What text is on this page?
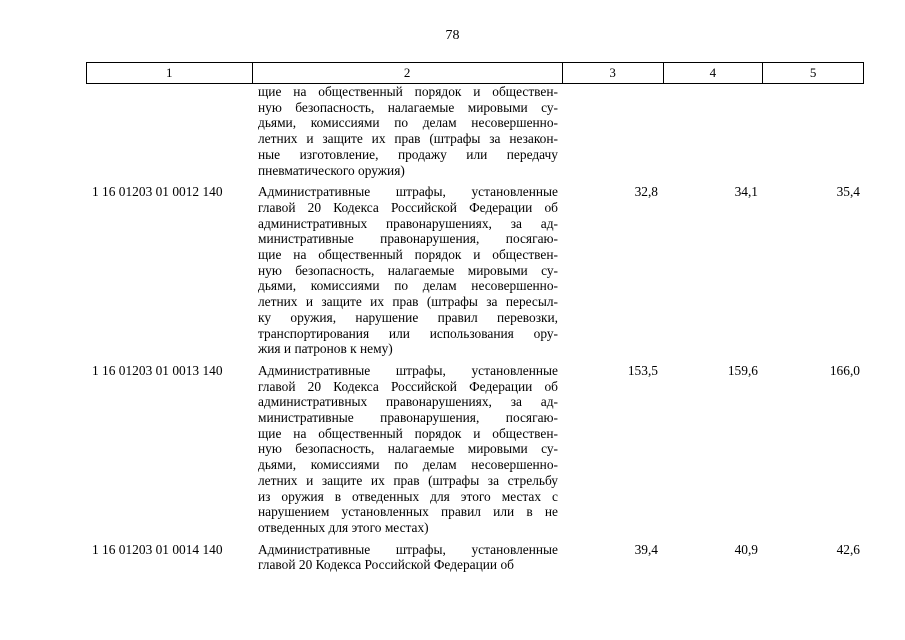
78
1	2	3	4	5
щие на общественный порядок и обществен-
ную безопасность, налагаемые мировыми су-
дьями, комиссиями по делам несовершенно-
летних и защите их прав (штрафы за незакон-
ные изготовление, продажу или передачу
пневматического оружия)
1 16 01203 01 0012 140	Административные штрафы, установленные
главой 20 Кодекса Российской Федерации об
административных правонарушениях, за ад-
министративные правонарушения, посягаю-
щие на общественный порядок и обществен-
ную безопасность, налагаемые мировыми су-
дьями, комиссиями по делам несовершенно-
летних и защите их прав (штрафы за пересыл-
ку оружия, нарушение правил перевозки,
транспортирования или использования ору-
жия и патронов к нему)
32,8	34,1	35,4
1 16 01203 01 0013 140	Административные штрафы, установленные
главой 20 Кодекса Российской Федерации об
административных правонарушениях, за ад-
министративные правонарушения, посягаю-
щие на общественный порядок и обществен-
ную безопасность, налагаемые мировыми су-
дьями, комиссиями по делам несовершенно-
летних и защите их прав (штрафы за стрельбу
из оружия в отведенных для этого местах с
нарушением установленных правил или в не
отведенных для этого местах)
153,5	159,6	166,0
1 16 01203 01 0014 140	Административные штрафы, установленные
главой 20 Кодекса Российской Федерации об
39,4	40,9	42,6
